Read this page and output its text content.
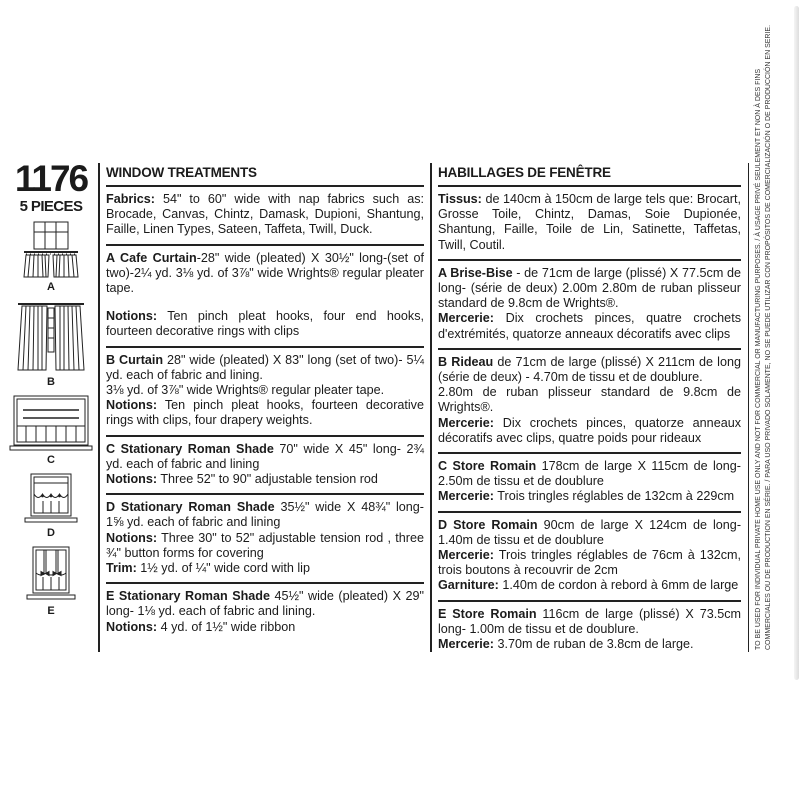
1176
5 PIECES
A
B
C
D
E
WINDOW TREATMENTS

Fabrics: 54" to 60" wide with nap fabrics such as: Brocade, Canvas, Chintz, Damask, Dupioni, Shantung, Faille, Linen Types, Sateen, Taffeta, Twill, Duck.

A Cafe Curtain-28" wide (pleated) X 30½" long-(set of two)-2¼ yd. 3⅛ yd. of 3⅞" wide Wrights® regular pleater tape.

Notions: Ten pinch pleat hooks, four end hooks, fourteen decorative rings with clips

B Curtain 28" wide (pleated) X 83" long (set of two)- 5¼ yd. each of fabric and lining.

3⅛ yd. of 3⅞" wide Wrights® regular pleater tape.

Notions: Ten pinch pleat hooks, fourteen decorative rings with clips, four drapery weights.

C Stationary Roman Shade 70" wide X 45" long- 2¾ yd. each of fabric and lining

Notions: Three 52" to 90" adjustable tension rod

D Stationary Roman Shade 35½" wide X 48¾" long- 1⅝ yd. each of fabric and lining

Notions: Three 30" to 52" adjustable tension rod , three ¾" button forms for covering

Trim: 1½ yd. of ¼" wide cord with lip

E Stationary Roman Shade 45½" wide (pleated) X 29" long- 1⅛ yd. each of fabric and lining.

Notions: 4 yd. of 1½" wide ribbon

HABILLAGES DE FENÊTRE

Tissus: de 140cm à 150cm de large tels que: Brocart, Grosse Toile, Chintz, Damas, Soie Dupionée, Shantung, Faille, Toile de Lin, Satinette, Taffetas, Twill, Coutil.

A Brise-Bise - de 71cm de large (plissé) X 77.5cm de long- (série de deux) 2.00m 2.80m de ruban plisseur standard de 9.8cm de Wrights®.

Mercerie: Dix crochets pinces, quatre crochets d'extrémités, quatorze anneaux décoratifs avec clips

B Rideau de 71cm de large (plissé) X 211cm de long (série de deux) - 4.70m de tissu et de doublure.

2.80m de ruban plisseur standard de 9.8cm de Wrights®.

Mercerie: Dix crochets pinces, quatorze anneaux décoratifs avec clips, quatre poids pour rideaux

C Store Romain 178cm de large X 115cm de long- 2.50m de tissu et de doublure

Mercerie: Trois tringles réglables de 132cm à 229cm

D Store Romain 90cm de large X 124cm de long- 1.40m de tissu et de doublure

Mercerie: Trois tringles réglables de 76cm à 132cm, trois boutons à recouvrir de 2cm

Garniture: 1.40m de cordon à rebord à 6mm de large

E Store Romain 116cm de large (plissé) X 73.5cm long- 1.00m de tissu et de doublure.

Mercerie: 3.70m de ruban de 3.8cm de large.	TO BE USED FOR INDIVIDUAL PRIVATE HOME USE ONLY AND NOT FOR COMMERCIAL OR MANUFACTURING PURPOSES. / À USAGE PRIVÉ SEULEMENT ET NON À DES FINS COMMERCIALES OU DE PRODUCTION EN SÉRIE. / PARA USO PRIVADO SOLAMENTE, NO SE PUEDE UTILIZAR CON PROPÓSITOS DE COMERCIALIZACIÓN O DE PRODUCCIÓN EN SERIE.
